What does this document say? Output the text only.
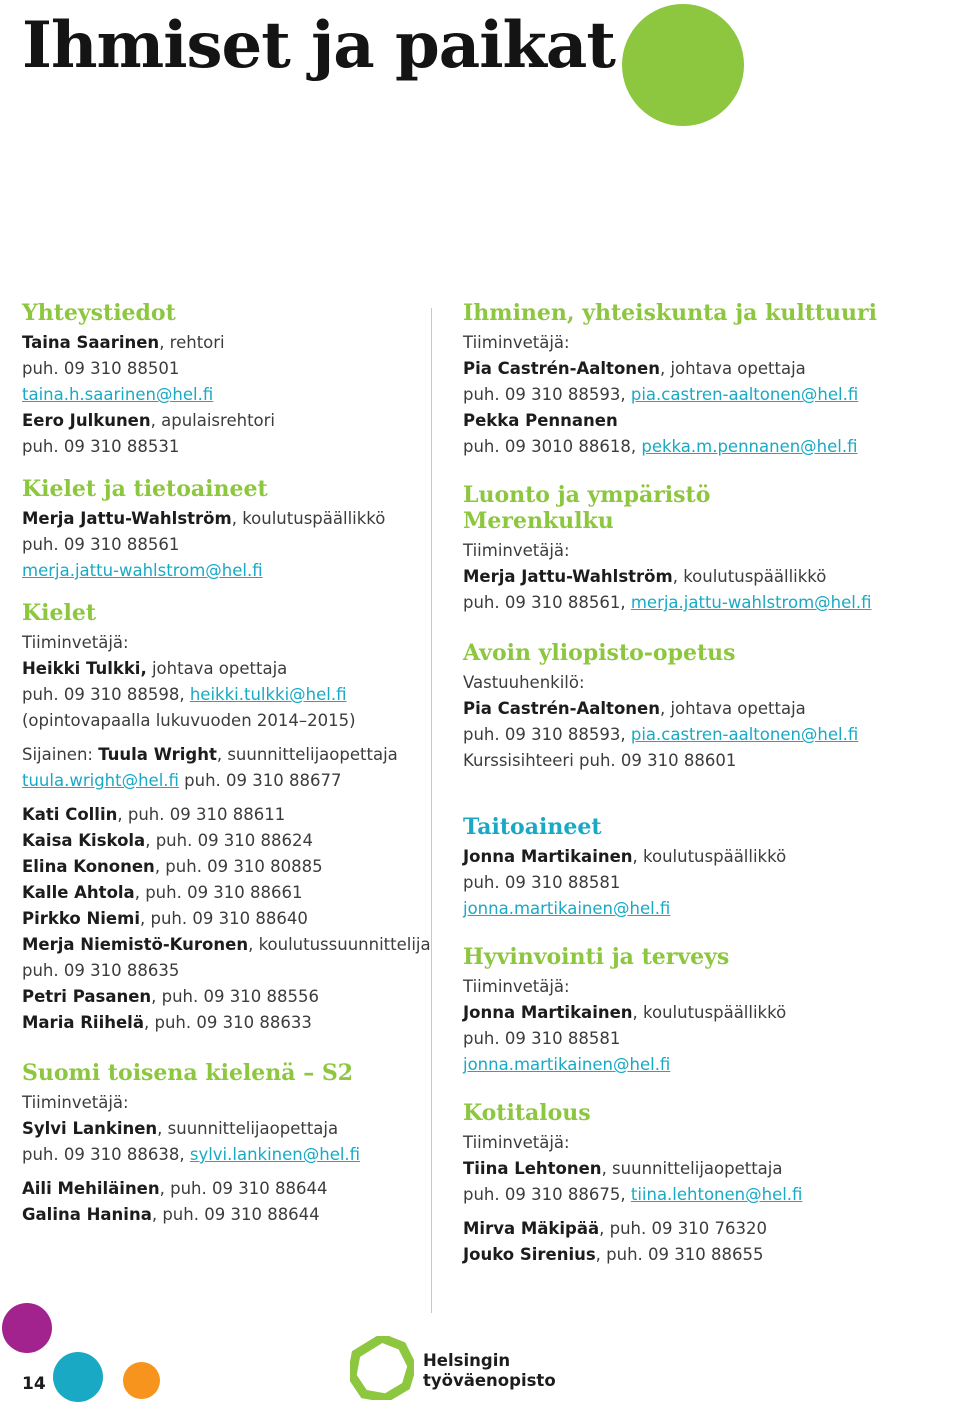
Ihmiset ja paikat
Yhteystiedot
Taina Saarinen, rehtori
puh. 09 310 88501
taina.h.saarinen@hel.fi
Eero Julkunen, apulaisrehtori
puh. 09 310 88531
Kielet ja tietoaineet
Merja Jattu-Wahlström, koulutuspäällikkö
puh. 09 310 88561
merja.jattu-wahlstrom@hel.fi
Kielet
Tiiminvetäjä:
Heikki Tulkki, johtava opettaja
puh. 09 310 88598, heikki.tulkki@hel.fi
(opintovapaalla lukuvuoden 2014–2015)
Sijainen: Tuula Wright, suunnittelijaopettaja
tuula.wright@hel.fi puh. 09 310 88677
Kati Collin, puh. 09 310 88611
Kaisa Kiskola, puh. 09 310 88624
Elina Kononen, puh. 09 310 80885
Kalle Ahtola, puh. 09 310 88661
Pirkko Niemi, puh. 09 310 88640
Merja Niemistö-Kuronen, koulutussuunnittelija
puh. 09 310 88635
Petri Pasanen, puh. 09 310 88556
Maria Riihelä, puh. 09 310 88633
Suomi toisena kielenä – S2
Tiiminvetäjä:
Sylvi Lankinen, suunnittelijaopettaja
puh. 09 310 88638, sylvi.lankinen@hel.fi
Aili Mehiläinen, puh. 09 310 88644
Galina Hanina, puh. 09 310 88644
Ihminen, yhteiskunta ja kulttuuri
Tiiminvetäjä:
Pia Castrén-Aaltonen, johtava opettaja
puh. 09 310 88593, pia.castren-aaltonen@hel.fi
Pekka Pennanen
puh. 09 3010 88618, pekka.m.pennanen@hel.fi
Luonto ja ympäristö
Merenkulku
Tiiminvetäjä:
Merja Jattu-Wahlström, koulutuspäällikkö
puh. 09 310 88561, merja.jattu-wahlstrom@hel.fi
Avoin yliopisto-opetus
Vastuuhenkilö:
Pia Castrén-Aaltonen, johtava opettaja
puh. 09 310 88593, pia.castren-aaltonen@hel.fi
Kurssisihteeri puh. 09 310 88601
Taitoaineet
Jonna Martikainen, koulutuspäällikkö
puh. 09 310 88581
jonna.martikainen@hel.fi
Hyvinvointi ja terveys
Tiiminvetäjä:
Jonna Martikainen, koulutuspäällikkö
puh. 09 310 88581
jonna.martikainen@hel.fi
Kotitalous
Tiiminvetäjä:
Tiina Lehtonen, suunnittelijaopettaja
puh. 09 310 88675, tiina.lehtonen@hel.fi
Mirva Mäkipää, puh. 09 310 76320
Jouko Sirenius, puh. 09 310 88655
14
Helsingin
työväenopisto
